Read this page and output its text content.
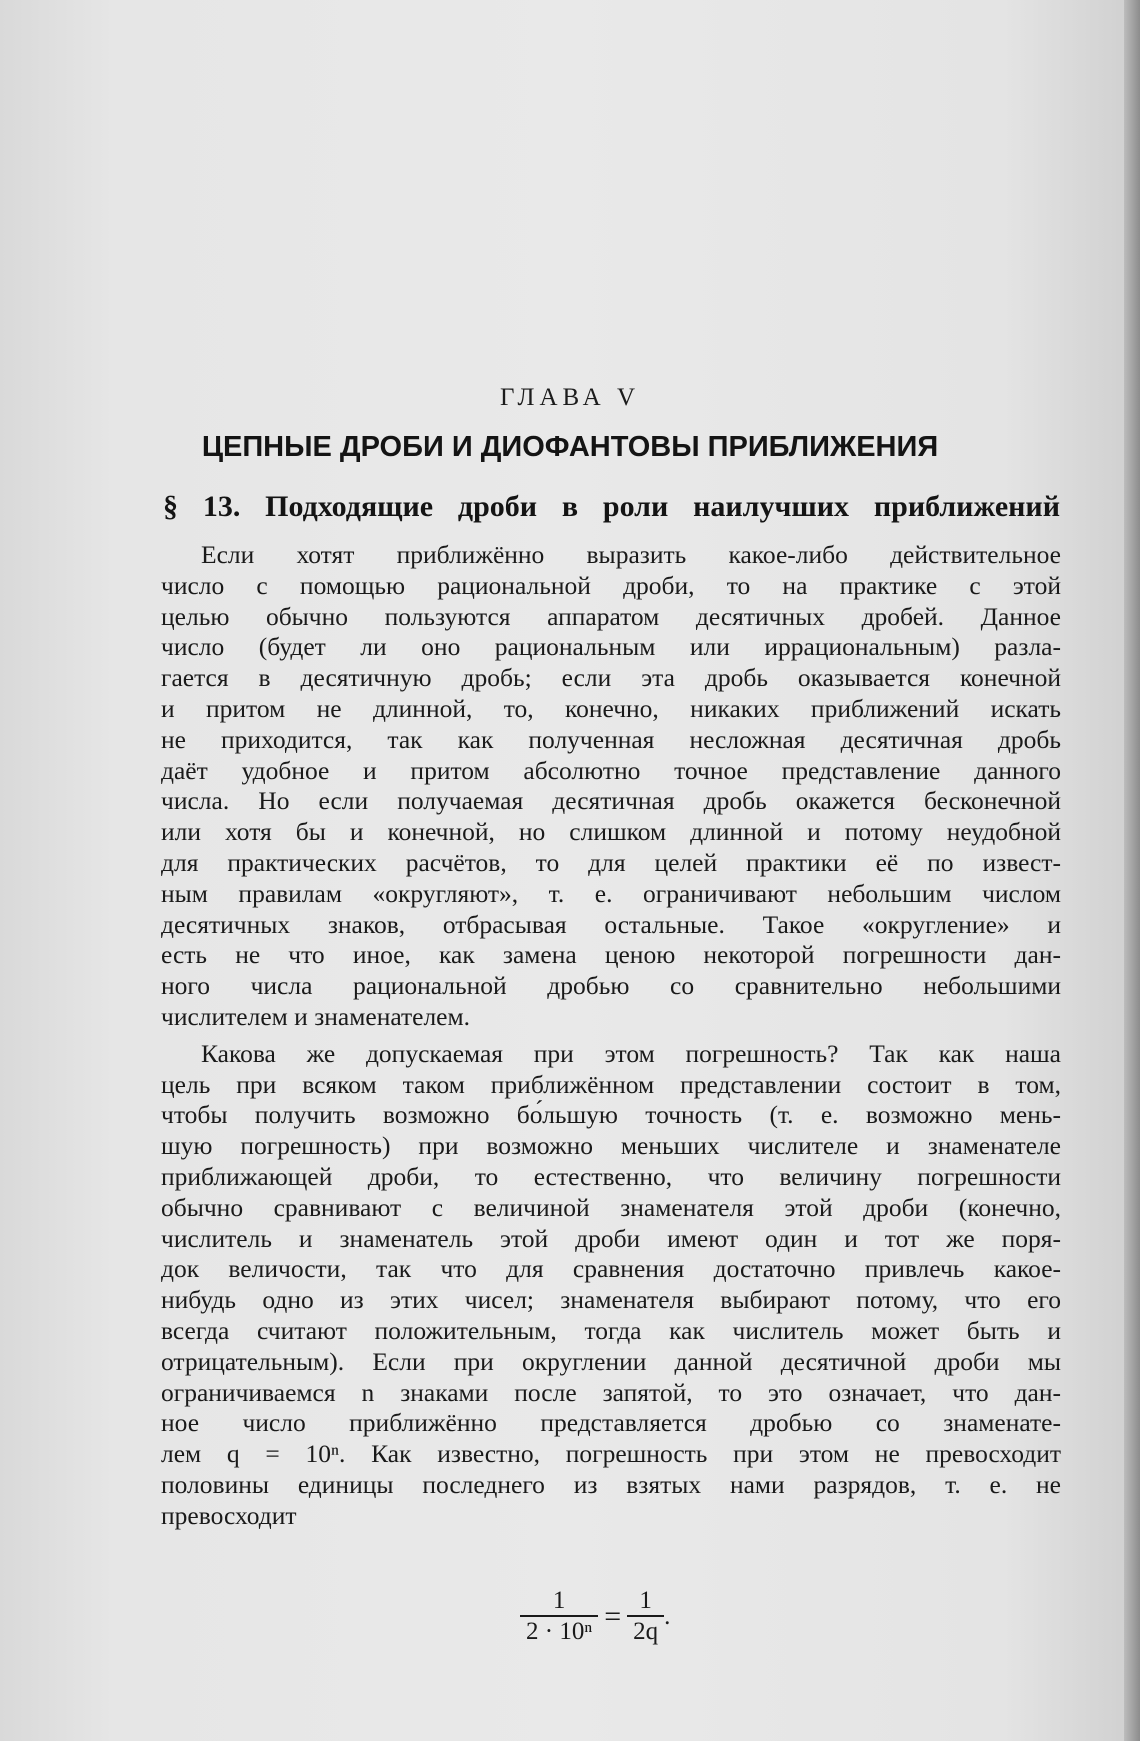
ГЛАВА V
ЦЕПНЫЕ ДРОБИ И ДИОФАНТОВЫ ПРИБЛИЖЕНИЯ
§ 13. Подходящие дроби в роли наилучших приближений
Если хотят приближённо выразить какое-либо действительное
число с помощью рациональной дроби, то на практике с этой
целью обычно пользуются аппаратом десятичных дробей. Данное
число (будет ли оно рациональным или иррациональным) разла-
гается в десятичную дробь; если эта дробь оказывается конечной
и притом не длинной, то, конечно, никаких приближений искать
не приходится, так как полученная несложная десятичная дробь
даёт удобное и притом абсолютно точное представление данного
числа. Но если получаемая десятичная дробь окажется бесконечной
или хотя бы и конечной, но слишком длинной и потому неудобной
для практических расчётов, то для целей практики её по извест-
ным правилам «округляют», т. е. ограничивают небольшим числом
десятичных знаков, отбрасывая остальные. Такое «округление» и
есть не что иное, как замена ценою некоторой погрешности дан-
ного числа рациональной дробью со сравнительно небольшими
числителем и знаменателем.
Какова же допускаемая при этом погрешность? Так как наша
цель при всяком таком приближённом представлении состоит в том,
чтобы получить возможно бо́льшую точность (т. е. возможно мень-
шую погрешность) при возможно меньших числителе и знаменателе
приближающей дроби, то естественно, что величину погрешности
обычно сравнивают с величиной знаменателя этой дроби (конечно,
числитель и знаменатель этой дроби имеют один и тот же поря-
док величости, так что для сравнения достаточно привлечь какое-
нибудь одно из этих чисел; знаменателя выбирают потому, что его
всегда считают положительным, тогда как числитель может быть и
отрицательным). Если при округлении данной десятичной дроби мы
ограничиваемся n знаками после запятой, то это означает, что дан-
ное число приближённо представляется дробью со знаменате-
лем q = 10ⁿ. Как известно, погрешность при этом не превосходит
половины единицы последнего из взятых нами разрядов, т. е. не
превосходит
$\frac{1}{\text{2 · 10ⁿ}} = \frac{1}{2q}$ .
